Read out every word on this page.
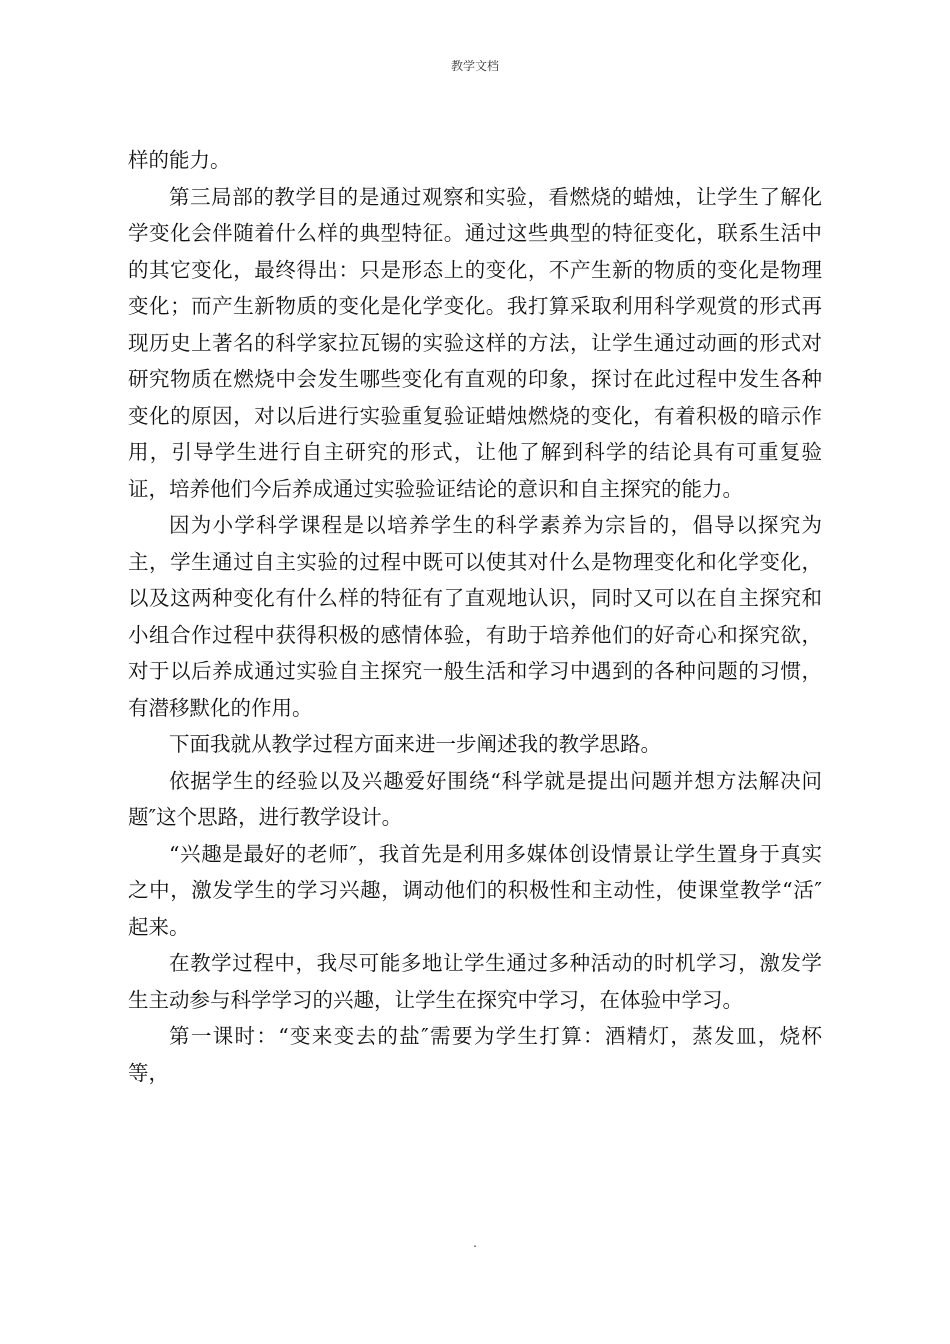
教学文档

样的能力。

第三局部的教学目的是通过观察和实验，看燃烧的蜡烛，让学生了解化学变化会伴随着什么样的典型特征。通过这些典型的特征变化，联系生活中的其它变化，最终得出：只是形态上的变化，不产生新的物质的变化是物理变化；而产生新物质的变化是化学变化。我打算采取利用科学观赏的形式再现历史上著名的科学家拉瓦锡的实验这样的方法，让学生通过动画的形式对研究物质在燃烧中会发生哪些变化有直观的印象，探讨在此过程中发生各种变化的原因，对以后进行实验重复验证蜡烛燃烧的变化，有着积极的暗示作用，引导学生进行自主研究的形式，让他了解到科学的结论具有可重复验证，培养他们今后养成通过实验验证结论的意识和自主探究的能力。

因为小学科学课程是以培养学生的科学素养为宗旨的，倡导以探究为主，学生通过自主实验的过程中既可以使其对什么是物理变化和化学变化，以及这两种变化有什么样的特征有了直观地认识，同时又可以在自主探究和小组合作过程中获得积极的感情体验，有助于培养他们的好奇心和探究欲，对于以后养成通过实验自主探究一般生活和学习中遇到的各种问题的习惯，有潜移默化的作用。

下面我就从教学过程方面来进一步阐述我的教学思路。

依据学生的经验以及兴趣爱好围绕“科学就是提出问题并想方法解决问题″这个思路，进行教学设计。

“兴趣是最好的老师″，我首先是利用多媒体创设情景让学生置身于真实之中，激发学生的学习兴趣，调动他们的积极性和主动性，使课堂教学“活″起来。

在教学过程中，我尽可能多地让学生通过多种活动的时机学习，激发学生主动参与科学学习的兴趣，让学生在探究中学习，在体验中学习。

第一课时：“变来变去的盐″需要为学生打算：酒精灯，蒸发皿，烧杯等，

.
